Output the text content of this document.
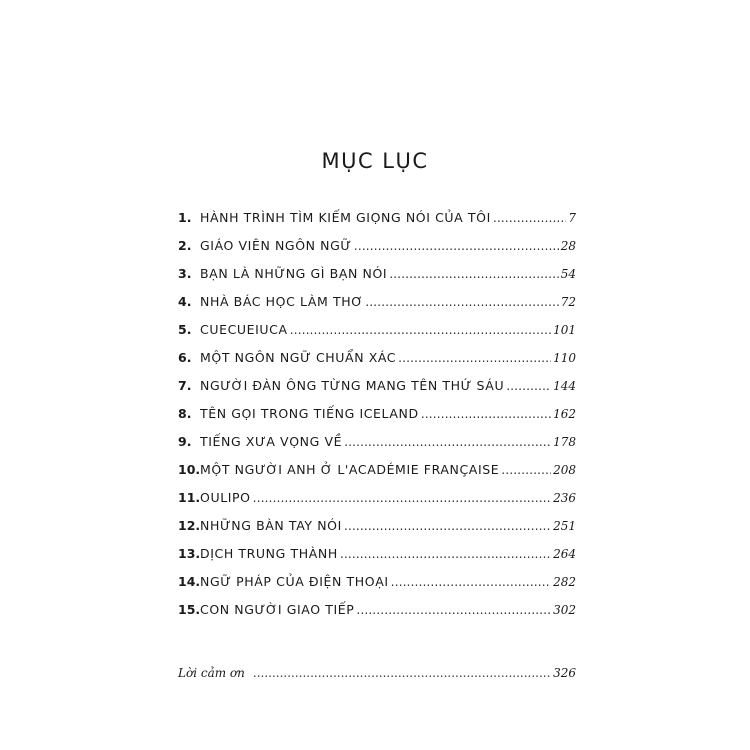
MỤC LỤC
1. HÀNH TRÌNH TÌM KIẾM GIỌNG NÓI CỦA TÔI .....	7
2. GIÁO VIÊN NGÔN NGỮ .....	28
3. BẠN LÀ NHỮNG GÌ BẠN NÓI .....	54
4. NHÀ BÁC HỌC LÀM THƠ .....	72
5. CUECUEIUCA .....	101
6. MỘT NGÔN NGỮ CHUẨN XÁC .....	110
7. NGƯỜI ĐÀN ÔNG TỪNG MANG TÊN THỨ SÁU .....	144
8. TÊN GỌI TRONG TIẾNG ICELAND .....	162
9. TIẾNG XƯA VỌNG VỀ .....	178
10. MỘT NGƯỜI ANH Ở L'ACADÉMIE FRANÇAISE .....	208
11. OULIPO .....	236
12. NHỮNG BÀN TAY NÓI .....	251
13. DỊCH TRUNG THÀNH .....	264
14. NGỮ PHÁP CỦA ĐIỆN THOẠI .....	282
15. CON NGƯỜI GIAO TIẾP .....	302
Lời cảm ơn .....	326
